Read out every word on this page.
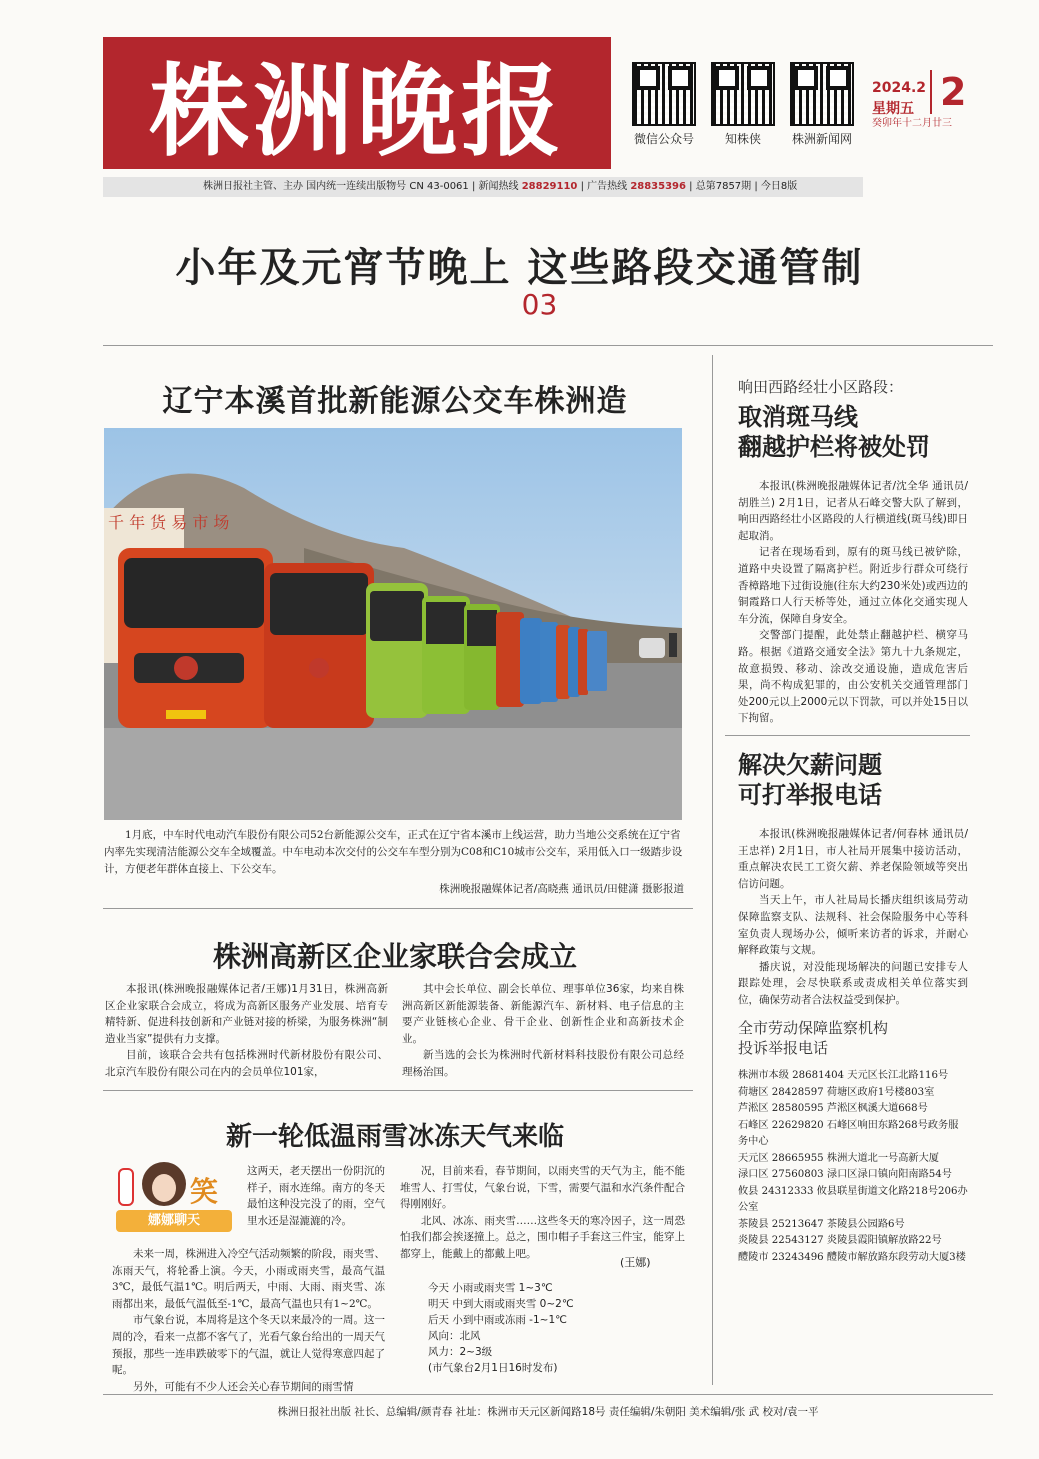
株洲晚报	微信公众号	知株侠	株洲新闻网
2024.2
星期五
癸卯年十二月廿三
2
株洲日报社主管、主办 国内统一连续出版物号 CN 43-0061 | 新闻热线 28829110 | 广告热线 28835396 | 总第7857期 | 今日8版
小年及元宵节晚上 这些路段交通管制
03
辽宁本溪首批新能源公交车株洲造
千 年 货 易 市 场
1月底，中车时代电动汽车股份有限公司52台新能源公交车，正式在辽宁省本溪市上线运营，助力当地公交系统在辽宁省内率先实现清洁能源公交车全域覆盖。中车电动本次交付的公交车车型分别为C08和C10城市公交车，采用低入口一级踏步设计，方便老年群体直接上、下公交车。
株洲晚报融媒体记者/高晓燕 通讯员/田健潇 摄影报道
株洲高新区企业家联合会成立

本报讯(株洲晚报融媒体记者/王娜)1月31日，株洲高新区企业家联合会成立，将成为高新区服务产业发展、培育专精特新、促进科技创新和产业链对接的桥梁，为服务株洲“制造业当家”提供有力支撑。

目前，该联合会共有包括株洲时代新材股份有限公司、北京汽车股份有限公司在内的会员单位101家，

其中会长单位、副会长单位、理事单位36家，均来自株洲高新区新能源装备、新能源汽车、新材料、电子信息的主要产业链核心企业、骨干企业、创新性企业和高新技术企业。

新当选的会长为株洲时代新材料科技股份有限公司总经理杨治国。

新一轮低温雨雪冰冻天气来临
笑
娜娜聊天
这两天，老天摆出一份阴沉的样子，雨水连绵。南方的冬天最怕这种没完没了的雨，空气里水还是湿漉漉的冷。

未来一周，株洲进入冷空气活动频繁的阶段，雨夹雪、冻雨天气，将轮番上演。今天，小雨或雨夹雪，最高气温3℃，最低气温1℃。明后两天，中雨、大雨、雨夹雪、冻雨都出来，最低气温低至-1℃，最高气温也只有1~2℃。

市气象台说，本周将是这个冬天以来最冷的一周。这一周的冷，看来一点都不客气了，光看气象台给出的一周天气预报，那些一连串跌破零下的气温，就让人觉得寒意四起了呢。

另外，可能有不少人还会关心春节期间的雨雪情

况，目前来看，春节期间，以雨夹雪的天气为主，能不能堆雪人、打雪仗，气象台说，下雪，需要气温和水汽条件配合得刚刚好。

北风、冰冻、雨夹雪……这些冬天的寒冷因子，这一周恐怕我们都会挨逐撞上。总之，围巾帽子手套这三件宝，能穿上都穿上，能戴上的都戴上吧。

(王娜)
今天 小雨或雨夹雪 1~3℃
明天 中到大雨或雨夹雪 0~2℃
后天 小到中雨或冻雨 -1~1℃
风向：北风
风力：2~3级
(市气象台2月1日16时发布)
响田西路经壮小区路段：
取消斑马线
翻越护栏将被处罚

本报讯(株洲晚报融媒体记者/沈全华 通讯员/胡胜兰) 2月1日，记者从石峰交警大队了解到，响田西路经壮小区路段的人行横道线(斑马线)即日起取消。

记者在现场看到，原有的斑马线已被铲除，道路中央设置了隔离护栏。附近步行群众可绕行香樟路地下过街设施(往东大约230米处)或西边的铜霞路口人行天桥等处，通过立体化交通实现人车分流，保障自身安全。

交警部门提醒，此处禁止翻越护栏、横穿马路。根据《道路交通安全法》第九十九条规定，故意损毁、移动、涂改交通设施，造成危害后果，尚不构成犯罪的，由公安机关交通管理部门处200元以上2000元以下罚款，可以并处15日以下拘留。

解决欠薪问题
可打举报电话

本报讯(株洲晚报融媒体记者/何春林 通讯员/王忠祥) 2月1日，市人社局开展集中接访活动，重点解决农民工工资欠薪、养老保险领域等突出信访问题。

当天上午，市人社局局长播庆组织该局劳动保障监察支队、法规科、社会保险服务中心等科室负责人现场办公，倾听来访者的诉求，并耐心解释政策与文规。

播庆说，对没能现场解决的问题已安排专人跟踪处理，会尽快联系或责成相关单位落实到位，确保劳动者合法权益受到保护。

全市劳动保障监察机构
投诉举报电话
株洲市本级 28681404 天元区长江北路116号
荷塘区 28428597 荷塘区政府1号楼803室
芦淞区 28580595 芦淞区枫溪大道668号
石峰区 22629820 石峰区响田东路268号政务服务中心
天元区 28665955 株洲大道北一号高新大厦
渌口区 27560803 渌口区渌口镇向阳南路54号
攸县 24312333 攸县联星街道文化路218号206办公室
茶陵县 25213647 茶陵县公园路6号
炎陵县 22543127 炎陵县霞阳镇解放路22号
醴陵市 23243496 醴陵市解放路东段劳动大厦3楼
株洲日报社出版 社长、总编辑/颜青春 社址：株洲市天元区新闻路18号 责任编辑/朱朝阳 美术编辑/张 武 校对/袁一平
